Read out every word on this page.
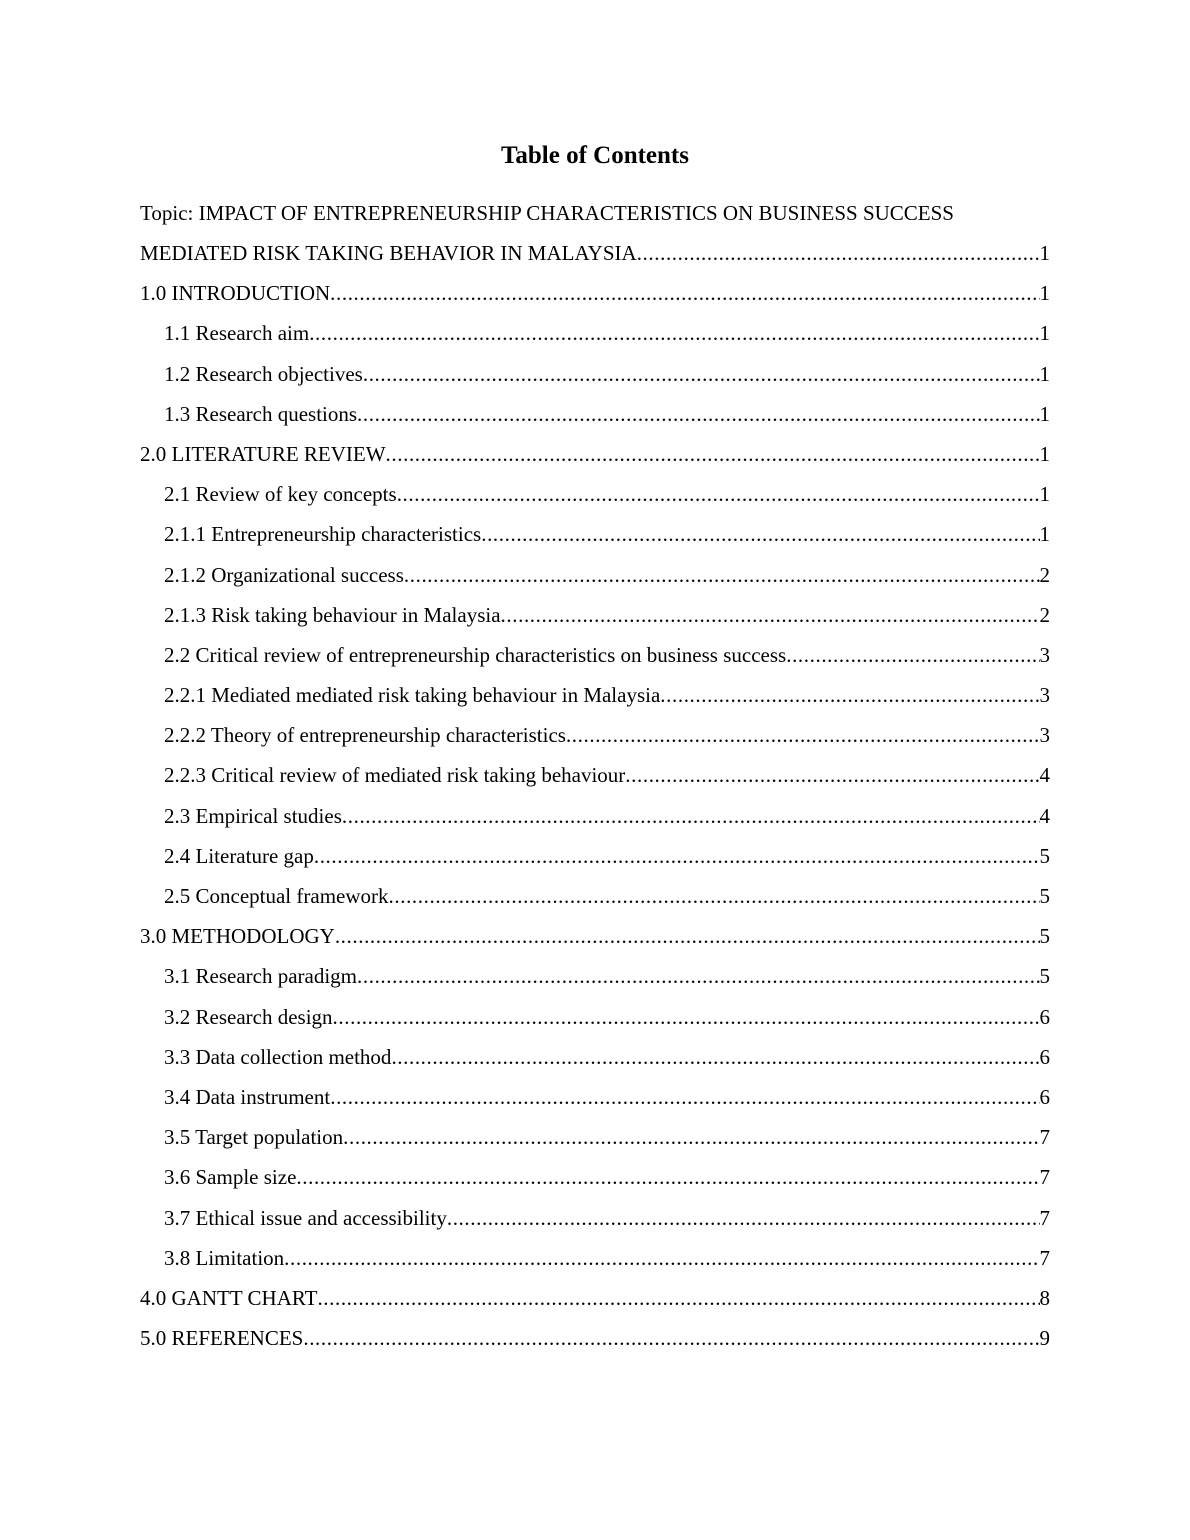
Table of Contents
Topic: IMPACT OF ENTREPRENEURSHIP CHARACTERISTICS ON BUSINESS SUCCESS
MEDIATED RISK TAKING BEHAVIOR IN MALAYSIA .....	1
1.0 INTRODUCTION .....	1
1.1 Research aim .....	1
1.2 Research objectives .....	1
1.3 Research questions .....	1
2.0 LITERATURE REVIEW .....	1
2.1 Review of key concepts .....	1
2.1.1 Entrepreneurship characteristics .....	1
2.1.2 Organizational success .....	2
2.1.3 Risk taking behaviour in Malaysia .....	2
2.2 Critical review of entrepreneurship characteristics on business success .....	3
2.2.1 Mediated mediated risk taking behaviour in Malaysia .....	3
2.2.2 Theory of entrepreneurship characteristics .....	3
2.2.3 Critical review of mediated risk taking behaviour .....	4
2.3 Empirical studies .....	4
2.4 Literature gap .....	5
2.5 Conceptual framework .....	5
3.0 METHODOLOGY .....	5
3.1 Research paradigm .....	5
3.2 Research design .....	6
3.3 Data collection method .....	6
3.4 Data instrument .....	6
3.5 Target population .....	7
3.6 Sample size .....	7
3.7 Ethical issue and accessibility .....	7
3.8 Limitation .....	7
4.0 GANTT CHART .....	8
5.0 REFERENCES .....	9
